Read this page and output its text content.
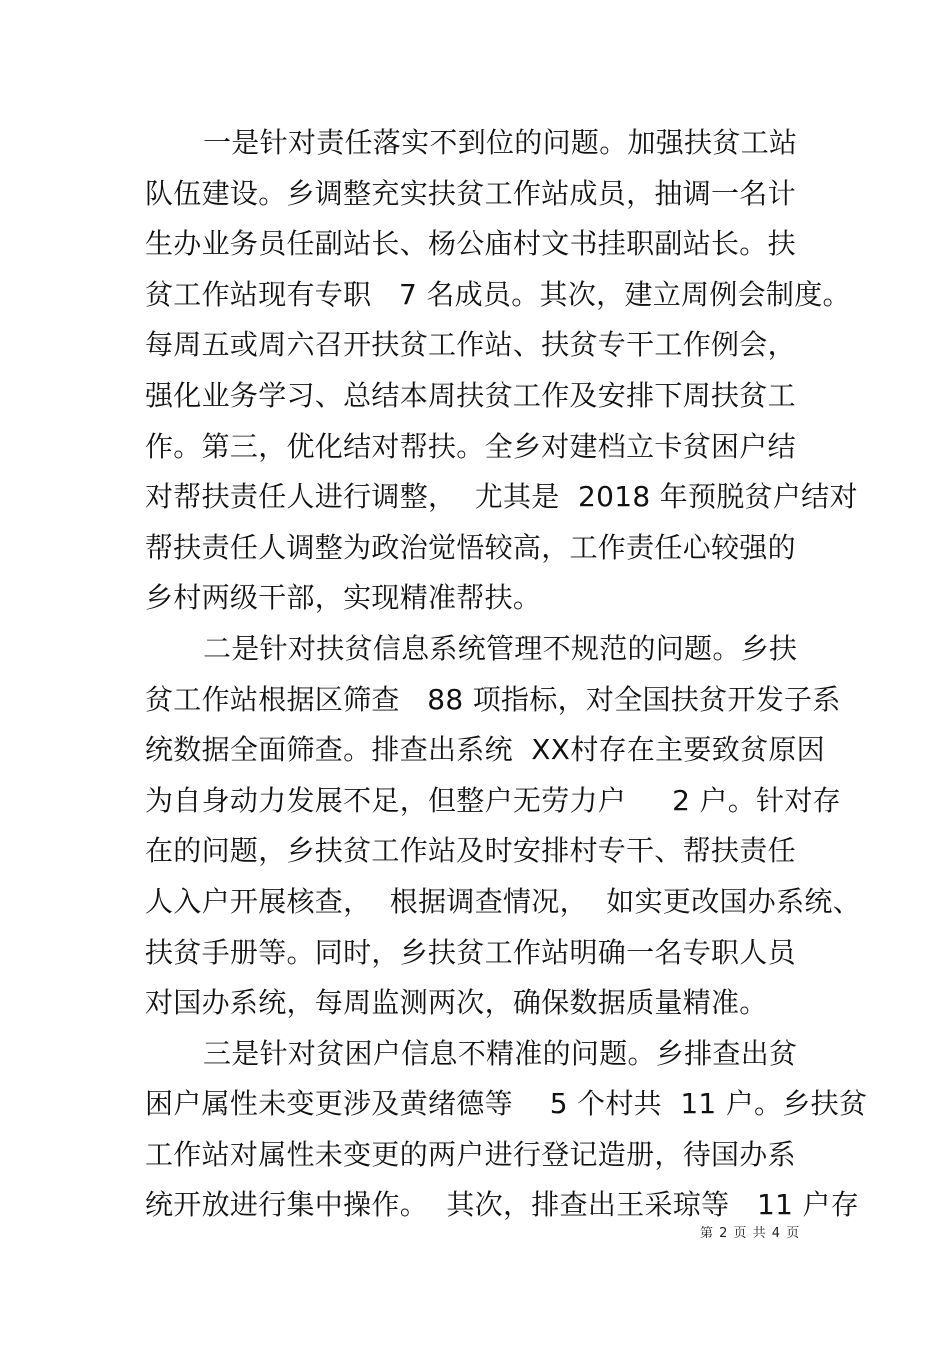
一是针对责任落实不到位的问题。加强扶贫工站
队伍建设。乡调整充实扶贫工作站成员，抽调一名计
生办业务员任副站长、杨公庙村文书挂职副站长。扶
贫工作站现有专职   7 名成员。其次，建立周例会制度。
每周五或周六召开扶贫工作站、扶贫专干工作例会，
强化业务学习、总结本周扶贫工作及安排下周扶贫工
作。第三，优化结对帮扶。全乡对建档立卡贫困户结
对帮扶责任人进行调整，  尤其是  2018 年预脱贫户结对
帮扶责任人调整为政治觉悟较高，工作责任心较强的
乡村两级干部，实现精准帮扶。
二是针对扶贫信息系统管理不规范的问题。乡扶
贫工作站根据区筛查   88 项指标，对全国扶贫开发子系
统数据全面筛查。排查出系统  XX村存在主要致贫原因
为自身动力发展不足，但整户无劳力户     2 户。针对存
在的问题，乡扶贫工作站及时安排村专干、帮扶责任
人入户开展核查，  根据调查情况，  如实更改国办系统、
扶贫手册等。同时，乡扶贫工作站明确一名专职人员
对国办系统，每周监测两次，确保数据质量精准。
三是针对贫困户信息不精准的问题。乡排查出贫
困户属性未变更涉及黄绪德等    5 个村共  11 户。乡扶贫
工作站对属性未变更的两户进行登记造册，待国办系
统开放进行集中操作。  其次，排查出王采琼等   11 户存
第 2 页 共 4 页
